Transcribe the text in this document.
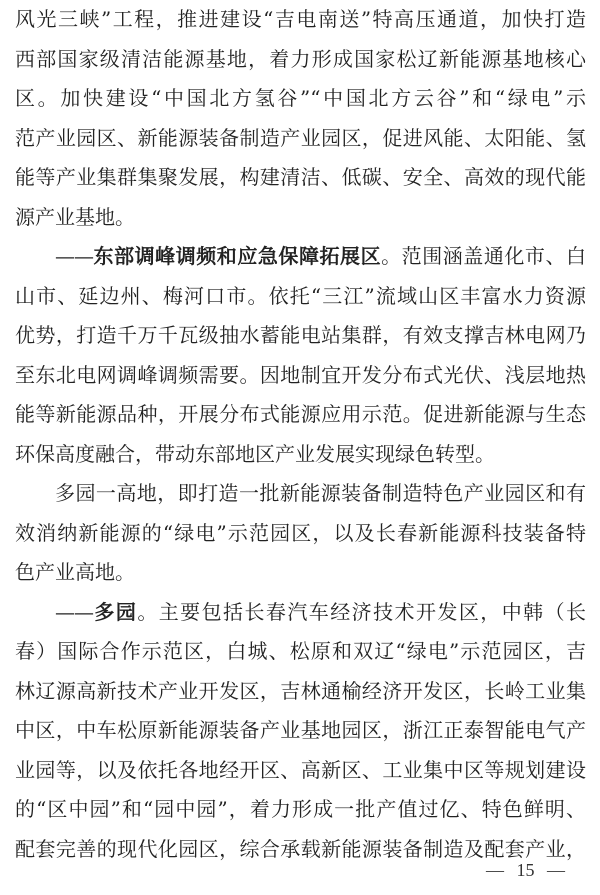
风光三峡”工程，推进建设“吉电南送”特高压通道，加快打造
西部国家级清洁能源基地，着力形成国家松辽新能源基地核心
区。加快建设“中国北方氢谷”“中国北方云谷”和“绿电”示
范产业园区、新能源装备制造产业园区，促进风能、太阳能、氢
能等产业集群集聚发展，构建清洁、低碳、安全、高效的现代能
源产业基地。
——东部调峰调频和应急保障拓展区。范围涵盖通化市、白
山市、延边州、梅河口市。依托“三江”流域山区丰富水力资源
优势，打造千万千瓦级抽水蓄能电站集群，有效支撑吉林电网乃
至东北电网调峰调频需要。因地制宜开发分布式光伏、浅层地热
能等新能源品种，开展分布式能源应用示范。促进新能源与生态
环保高度融合，带动东部地区产业发展实现绿色转型。
多园一高地，即打造一批新能源装备制造特色产业园区和有
效消纳新能源的“绿电”示范园区，以及长春新能源科技装备特
色产业高地。
——多园。主要包括长春汽车经济技术开发区，中韩（长
春）国际合作示范区，白城、松原和双辽“绿电”示范园区，吉
林辽源高新技术产业开发区，吉林通榆经济开发区，长岭工业集
中区，中车松原新能源装备产业基地园区，浙江正泰智能电气产
业园等，以及依托各地经开区、高新区、工业集中区等规划建设
的“区中园”和“园中园”，着力形成一批产值过亿、特色鲜明、
配套完善的现代化园区，综合承载新能源装备制造及配套产业，
— 15 —
